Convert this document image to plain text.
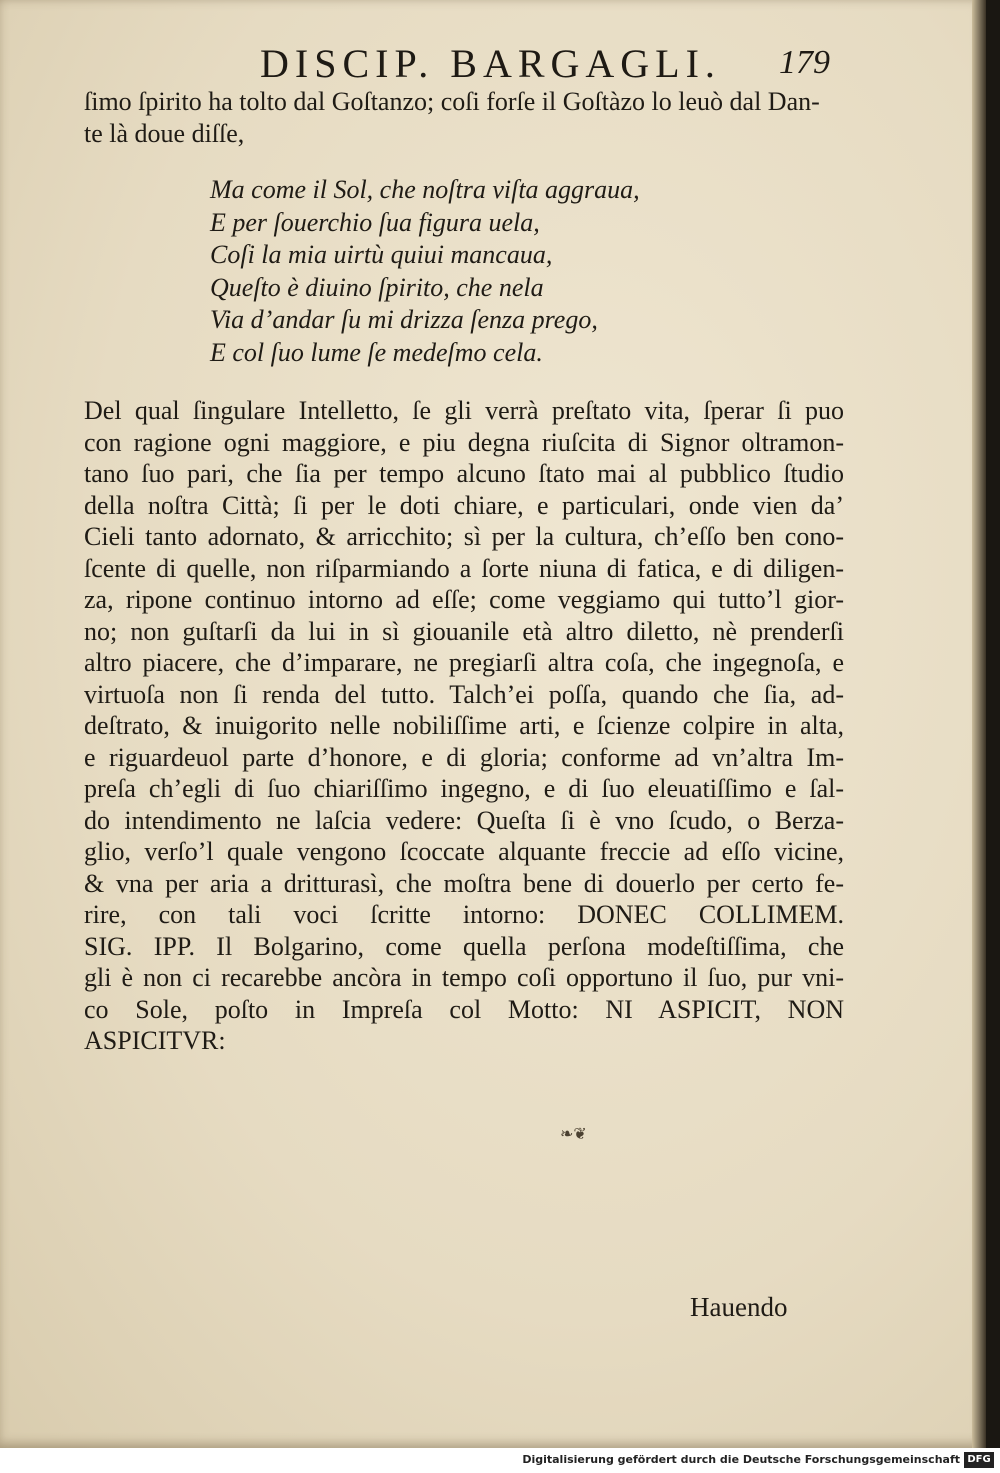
DISCIP. BARGAGLI. 179
ſimo ſpirito ha tolto dal Goſtanzo; coſi forſe il Goſtàzo lo leuò dal Dan-
te là doue diſſe,
Ma come il Sol, che noſtra viſta aggraua,
E per ſouerchio ſua figura uela,
Coſi la mia uirtù quiui mancaua,
Queſto è diuino ſpirito, che nela
Via d’andar ſu mi drizza ſenza prego,
E col ſuo lume ſe medeſmo cela.
Del qual ſingulare Intelletto, ſe gli verrà preſtato vita, ſperar ſi puo
con ragione ogni maggiore, e piu degna riuſcita di Signor oltramon-
tano ſuo pari, che ſia per tempo alcuno ſtato mai al pubblico ſtudio
della noſtra Città; ſi per le doti chiare, e particulari, onde vien da’
Cieli tanto adornato, & arricchito; sì per la cultura, ch’eſſo ben cono-
ſcente di quelle, non riſparmiando a ſorte niuna di fatica, e di diligen-
za, ripone continuo intorno ad eſſe; come veggiamo qui tutto’l gior-
no; non guſtarſi da lui in sì giouanile età altro diletto, nè prenderſi
altro piacere, che d’imparare, ne pregiarſi altra coſa, che ingegnoſa, e
virtuoſa non ſi renda del tutto. Talch’ei poſſa, quando che ſia, ad-
deſtrato, & inuigorito nelle nobiliſſime arti, e ſcienze colpire in alta,
e riguardeuol parte d’honore, e di gloria; conforme ad vn’altra Im-
preſa ch’egli di ſuo chiariſſimo ingegno, e di ſuo eleuatiſſimo e ſal-
do intendimento ne laſcia vedere: Queſta ſi è vno ſcudo, o Berza-
glio, verſo’l quale vengono ſcoccate alquante freccie ad eſſo vicine,
& vna per aria a dritturasì, che moſtra bene di douerlo per certo fe-
rire, con tali voci ſcritte intorno: DONEC COLLIMEM.
SIG. IPP. Il Bolgarino, come quella perſona modeſtiſſima, che
gli è non ci recarebbe ancòra in tempo coſi opportuno il ſuo, pur vni-
co Sole, poſto in Impreſa col Motto: NI ASPICIT, NON
ASPICITVR:
❧❦
Hauendo
Digitalisierung gefördert durch die Deutsche Forschungsgemeinschaft DFG
